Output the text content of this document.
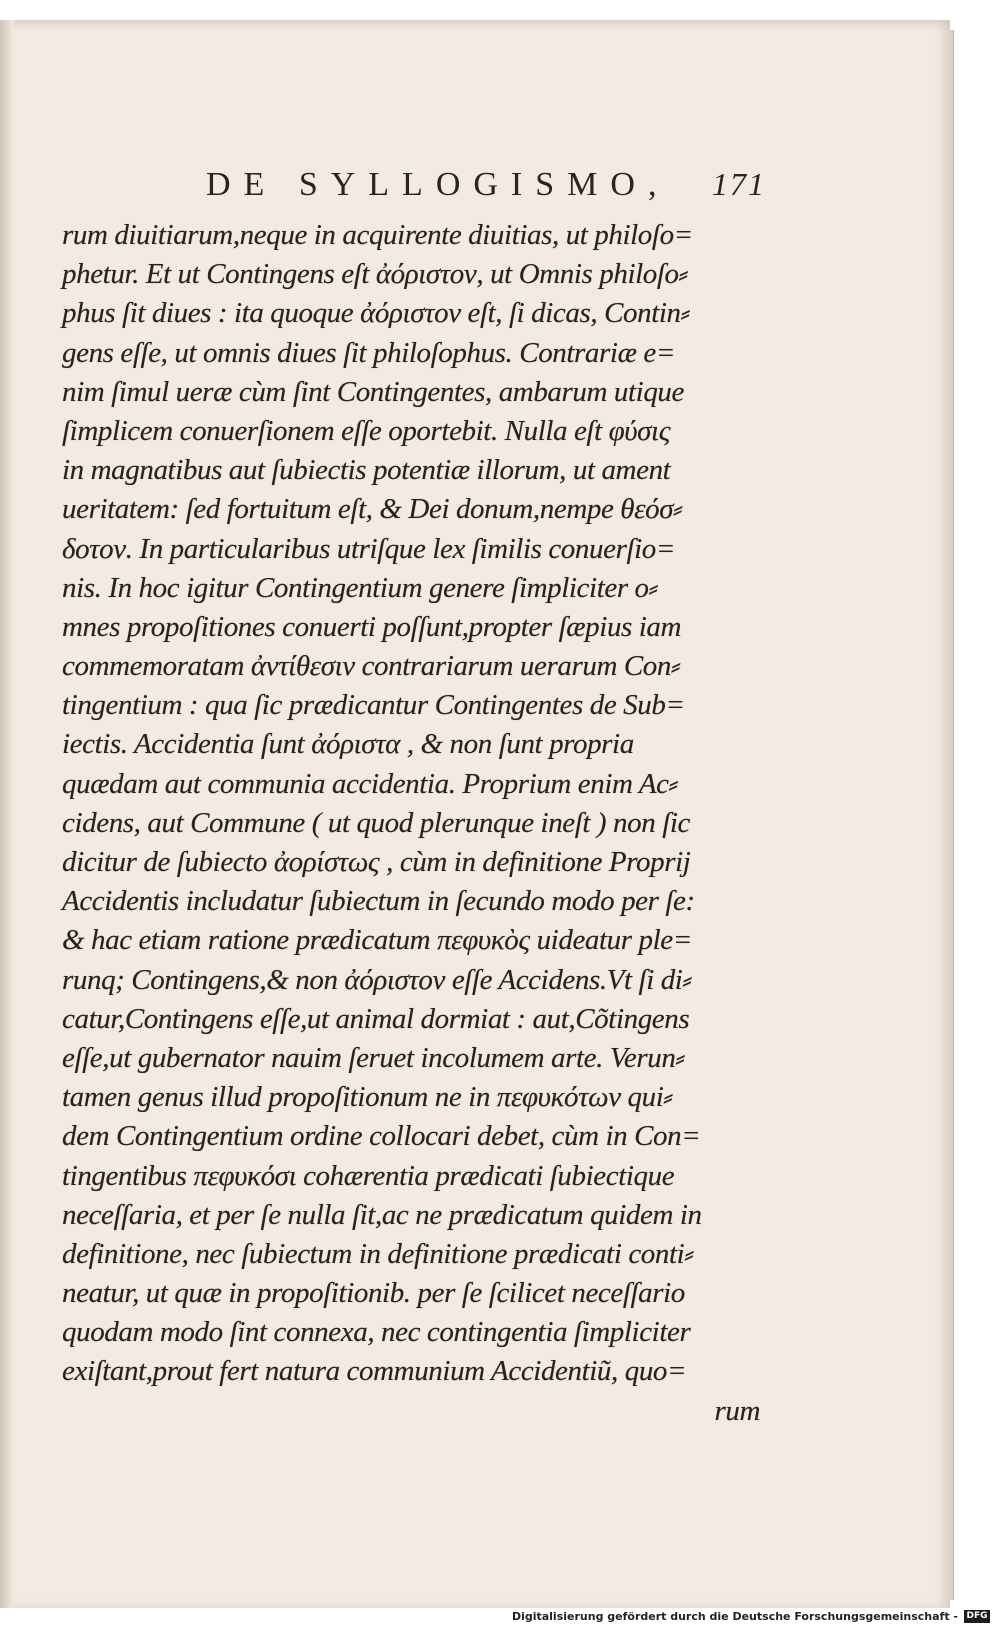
DE SYLLOGISMO, 171
rum diuitiarum,neque in acquirente diuitias, ut philoſo=
phetur. Et ut Contingens eſt ἀόριστον, ut Omnis philoſo⸗
phus ſit diues : ita quoque ἀόριστον eſt, ſi dicas, Contin⸗
gens eſſe, ut omnis diues ſit philoſophus. Contrariæ e=
nim ſimul ueræ cùm ſint Contingentes, ambarum utique
ſimplicem conuerſionem eſſe oportebit. Nulla eſt φύσις
in magnatibus aut ſubiectis potentiæ illorum, ut ament
ueritatem: ſed fortuitum eſt, & Dei donum,nempe θεόσ⸗
δοτον. In particularibus utriſque lex ſimilis conuerſio=
nis. In hoc igitur Contingentium genere ſimpliciter o⸗
mnes propoſitiones conuerti poſſunt,propter ſæpius iam
commemoratam ἀντίθεσιν contrariarum uerarum Con⸗
tingentium : qua ſic prædicantur Contingentes de Sub=
iectis. Accidentia ſunt ἀόριστα , & non ſunt propria
quædam aut communia accidentia. Proprium enim Ac⸗
cidens, aut Commune ( ut quod plerunque ineſt ) non ſic
dicitur de ſubiecto ἀορίστως , cùm in definitione Proprij
Accidentis includatur ſubiectum in ſecundo modo per ſe:
& hac etiam ratione prædicatum πεφυκὸς uideatur ple=
runq; Contingens,& non ἀόριστον eſſe Accidens.Vt ſi di⸗
catur,Contingens eſſe,ut animal dormiat : aut,Cõtingens
eſſe,ut gubernator nauim ſeruet incolumem arte. Verun⸗
tamen genus illud propoſitionum ne in πεφυκότων qui⸗
dem Contingentium ordine collocari debet, cùm in Con=
tingentibus πεφυκόσι cohærentia prædicati ſubiectique
neceſſaria, et per ſe nulla ſit,ac ne prædicatum quidem in
definitione, nec ſubiectum in definitione prædicati conti⸗
neatur, ut quæ in propoſitionib. per ſe ſcilicet neceſſario
quodam modo ſint connexa, nec contingentia ſimpliciter
exiſtant,prout fert natura communium Accidentiũ, quo=
rum
Digitalisierung gefördert durch die Deutsche Forschungsgemeinschaft - DFG
